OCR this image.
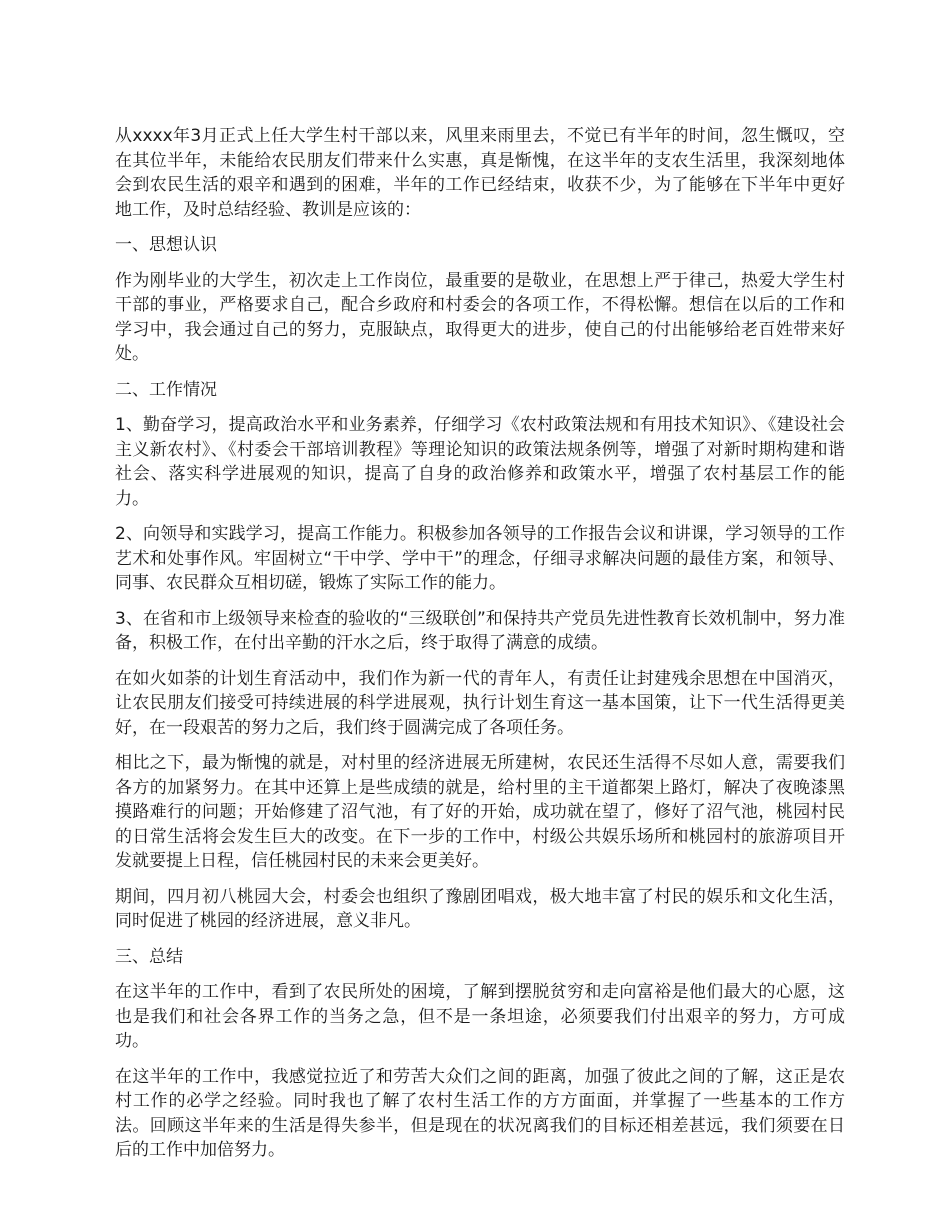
从xxxx年3月正式上任大学生村干部以来，风里来雨里去，不觉已有半年的时间，忽生慨叹，空在其位半年，未能给农民朋友们带来什么实惠，真是惭愧，在这半年的支农生活里，我深刻地体会到农民生活的艰辛和遇到的困难，半年的工作已经结束，收获不少，为了能够在下半年中更好地工作，及时总结经验、教训是应该的：

一、思想认识

作为刚毕业的大学生，初次走上工作岗位，最重要的是敬业，在思想上严于律己，热爱大学生村干部的事业，严格要求自己，配合乡政府和村委会的各项工作，不得松懈。想信在以后的工作和学习中，我会通过自己的努力，克服缺点，取得更大的进步，使自己的付出能够给老百姓带来好处。

二、工作情况

1、勤奋学习，提高政治水平和业务素养，仔细学习《农村政策法规和有用技术知识》、《建设社会主义新农村》、《村委会干部培训教程》等理论知识的政策法规条例等，增强了对新时期构建和谐社会、落实科学进展观的知识，提高了自身的政治修养和政策水平，增强了农村基层工作的能力。

2、向领导和实践学习，提高工作能力。积极参加各领导的工作报告会议和讲课，学习领导的工作艺术和处事作风。牢固树立“干中学、学中干”的理念，仔细寻求解决问题的最佳方案，和领导、同事、农民群众互相切磋，锻炼了实际工作的能力。

3、在省和市上级领导来检查的验收的“三级联创”和保持共产党员先进性教育长效机制中，努力准备，积极工作，在付出辛勤的汗水之后，终于取得了满意的成绩。

在如火如荼的计划生育活动中，我们作为新一代的青年人，有责任让封建残余思想在中国消灭，让农民朋友们接受可持续进展的科学进展观，执行计划生育这一基本国策，让下一代生活得更美好，在一段艰苦的努力之后，我们终于圆满完成了各项任务。

相比之下，最为惭愧的就是，对村里的经济进展无所建树，农民还生活得不尽如人意，需要我们各方的加紧努力。在其中还算上是些成绩的就是，给村里的主干道都架上路灯，解决了夜晚漆黑摸路难行的问题；开始修建了沼气池，有了好的开始，成功就在望了，修好了沼气池，桃园村民的日常生活将会发生巨大的改变。在下一步的工作中，村级公共娱乐场所和桃园村的旅游项目开发就要提上日程，信任桃园村民的未来会更美好。

期间，四月初八桃园大会，村委会也组织了豫剧团唱戏，极大地丰富了村民的娱乐和文化生活，同时促进了桃园的经济进展，意义非凡。

三、总结

在这半年的工作中，看到了农民所处的困境，了解到摆脱贫穷和走向富裕是他们最大的心愿，这也是我们和社会各界工作的当务之急，但不是一条坦途，必须要我们付出艰辛的努力，方可成功。

在这半年的工作中，我感觉拉近了和劳苦大众们之间的距离，加强了彼此之间的了解，这正是农村工作的必学之经验。同时我也了解了农村生活工作的方方面面，并掌握了一些基本的工作方法。回顾这半年来的生活是得失参半，但是现在的状况离我们的目标还相差甚远，我们须要在日后的工作中加倍努力。
